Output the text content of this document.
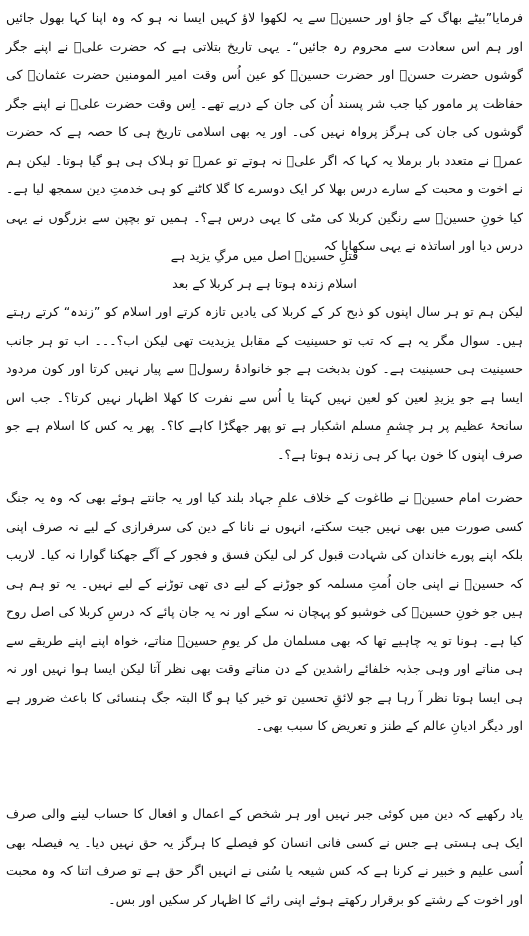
فرمایا”بیٹے بھاگ کے جاؤ اور حسینؑ سے یہ لکھوا لاؤ کہیں ایسا نہ ہو کہ وہ اپنا کہا بھول جائیں اور ہم اس سعادت سے محروم رہ جائیں“۔ یہی تاریخ بتلاتی ہے کہ حضرت علیؑ نے اپنے جگر گوشوں حضرت حسنؑ اور حضرت حسینؑ کو عین اُس وقت امیر المومنین حضرت عثمانؓ کی حفاظت پر مامور کیا جب شر پسند اُن کی جان کے درپے تھے۔ اِس وقت حضرت علیؑ نے اپنے جگر گوشوں کی جان کی ہرگز پرواہ نہیں کی۔ اور یہ بھی اسلامی تاریخ ہی کا حصہ ہے کہ حضرت عمرؓ نے متعدد بار برملا یہ کہا کہ اگر علیؑ نہ ہوتے تو عمرؓ تو ہلاک ہی ہو گیا ہوتا۔ لیکن ہم نے اخوت و محبت کے سارے درس بھلا کر ایک دوسرے کا گلا کاٹنے کو ہی خدمتِ دین سمجھ لیا ہے۔ کیا خونِ حسینؑ سے رنگین کربلا کی مٹی کا یہی درس ہے؟۔ ہمیں تو بچپن سے بزرگوں نے یہی درس دیا اور اساتذہ نے یہی سکھایا کہ

قتلِ حسینؑ اصل میں مرگِ یزید ہے

اسلام زندہ ہوتا ہے ہر کربلا کے بعد

لیکن ہم تو ہر سال اپنوں کو ذبح کر کے کربلا کی یادیں تازہ کرتے اور اسلام کو ”زندہ“ کرتے رہتے ہیں۔ سوال مگر یہ ہے کہ تب تو حسینیت کے مقابل یزیدیت تھی لیکن اب؟۔۔۔ اب تو ہر جانب حسینیت ہی حسینیت ہے۔ کون بدبخت ہے جو خانوادۂ رسولؐ سے پیار نہیں کرتا اور کون مردود ایسا ہے جو یزیدِ لعین کو لعین نہیں کہتا یا اُس سے نفرت کا کھلا اظہار نہیں کرتا؟۔ جب اس سانحۂ عظیم پر ہر چشمِ مسلم اشکبار ہے تو پھر جھگڑا کاہے کا؟۔ پھر یہ کس کا اسلام ہے جو صرف اپنوں کا خون بہا کر ہی زندہ ہوتا ہے؟۔

حضرت امام حسینؑ نے طاغوت کے خلاف علمِ جہاد بلند کیا اور یہ جانتے ہوئے بھی کہ وہ یہ جنگ کسی صورت میں بھی نہیں جیت سکتے، انہوں نے نانا کے دین کی سرفرازی کے لیے نہ صرف اپنی بلکہ اپنے پورے خاندان کی شہادت قبول کر لی لیکن فسق و فجور کے آگے جھکنا گوارا نہ کیا۔ لاریب کہ حسینؑ نے اپنی جان اُمتِ مسلمہ کو جوڑنے کے لیے دی تھی توڑنے کے لیے نہیں۔ یہ تو ہم ہی ہیں جو خونِ حسینؑ کی خوشبو کو پہچان نہ سکے اور نہ یہ جان پائے کہ درسِ کربلا کی اصل روح کیا ہے۔ ہونا تو یہ چاہیے تھا کہ بھی مسلمان مل کر یومِ حسینؑ مناتے، خواہ اپنے اپنے طریقے سے ہی مناتے اور وہی جذبہ خلفائے راشدین کے دن مناتے وقت بھی نظر آتا لیکن ایسا ہوا نہیں اور نہ ہی ایسا ہوتا نظر آ رہا ہے جو لائقِ تحسین تو خیر کیا ہو گا البتہ جگ ہنسائی کا باعث ضرور ہے اور دیگر ادیانِ عالم کے طنز و تعریض کا سبب بھی۔

یاد رکھیے کہ دین میں کوئی جبر نہیں اور ہر شخص کے اعمال و افعال کا حساب لینے والی صرف ایک ہی ہستی ہے جس نے کسی فانی انسان کو فیصلے کا ہرگز یہ حق نہیں دیا۔ یہ فیصلہ بھی اُسی علیم و خبیر نے کرنا ہے کہ کس شیعہ یا سُنی نے انہیں اگر حق ہے تو صرف اتنا کہ وہ محبت اور اخوت کے رشتے کو برقرار رکھتے ہوئے اپنی رائے کا اظہار کر سکیں اور بس۔
